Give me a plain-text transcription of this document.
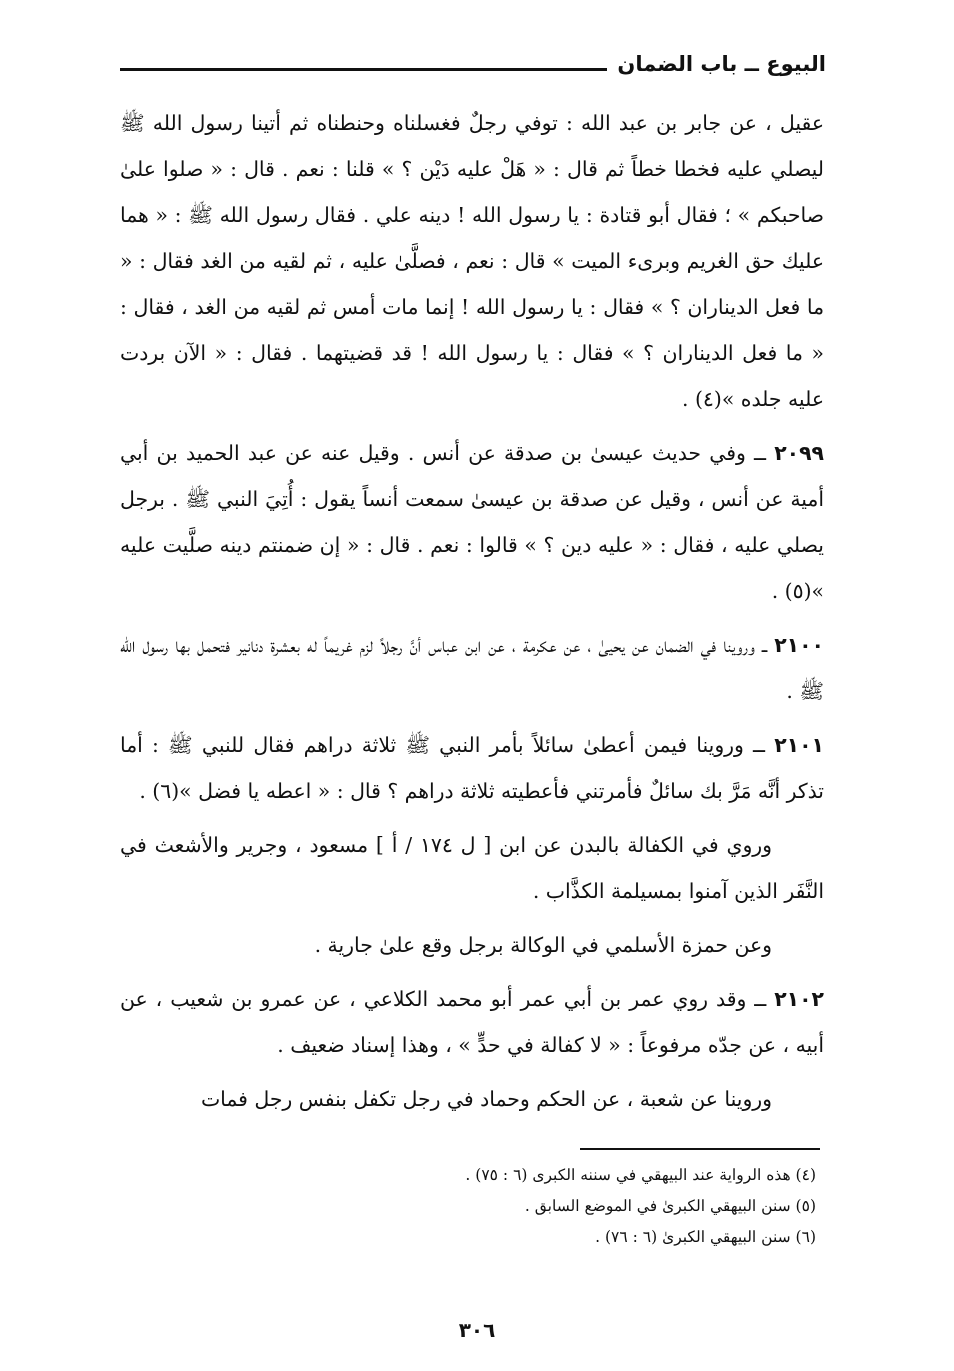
البيوع ــ باب الضمان

عقيل ، عن جابر بن عبد الله : توفي رجلٌ فغسلناه وحنطناه ثم أتينا رسول الله ﷺ ليصلي عليه فخطا خطاً ثم قال : « هَلْ عليه دَيْن ؟ » قلنا : نعم . قال : « صلوا علىٰ صاحبكم » ؛ فقال أبو قتادة : يا رسول الله ! دينه علي . فقال رسول الله ﷺ : « هما عليك حق الغريم وبرىء الميت » قال : نعم ، فصلَّىٰ عليه ، ثم لقيه من الغد فقال : « ما فعل الديناران ؟ » فقال : يا رسول الله ! إنما مات أمس ثم لقيه من الغد ، فقال : « ما فعل الديناران ؟ » فقال : يا رسول الله ! قد قضيتهما . فقال : « الآن بردت عليه جلده »(٤) .

٢٠٩٩ ــ وفي حديث عيسىٰ بن صدقة عن أنس . وقيل عنه عن عبد الحميد بن أبي أمية عن أنس ، وقيل عن صدقة بن عيسىٰ سمعت أنساً يقول : أُتِيَ النبي ﷺ . برجل يصلي عليه ، فقال : « عليه دين ؟ » قالوا : نعم . قال : « إن ضمنتم دينه صلَّيت عليه »(٥) .

٢١٠٠ ــ وروينا في الضمان عن يحيىٰ ، عن عكرمة ، عن ابن عباس أنَّ رجلاً لزم غريماً له بعشرة دنانير فتحمل بها رسول الله ﷺ .

٢١٠١ ــ وروينا فيمن أعطىٰ سائلاً بأمر النبي ﷺ ثلاثة دراهم فقال للنبي ﷺ : أما تذكر أنَّه مَرَّ بك سائلٌ فأمرتني فأعطيته ثلاثة دراهم ؟ قال : « اعطه يا فضل »(٦) .

وروي في الكفالة بالبدن عن ابن [ ل ١٧٤ / أ ] مسعود ، وجرير والأشعث في النَّفَر الذين آمنوا بمسيلمة الكذَّاب .

وعن حمزة الأسلمي في الوكالة برجل وقع علىٰ جارية .

٢١٠٢ ــ وقد روي عمر بن أبي عمر أبو محمد الكلاعي ، عن عمرو بن شعيب ، عن أبيه ، عن جدّه مرفوعاً : « لا كفالة في حدٍّ » ، وهذا إسناد ضعيف .

وروينا عن شعبة ، عن الحكم وحماد في رجل تكفل بنفس رجل فمات

(٤) هذه الرواية عند البيهقي في سننه الكبرى (٦ : ٧٥) .

(٥) سنن البيهقي الكبرىٰ في الموضع السابق .

(٦) سنن البيهقي الكبرىٰ (٦ : ٧٦) .

٣٠٦
